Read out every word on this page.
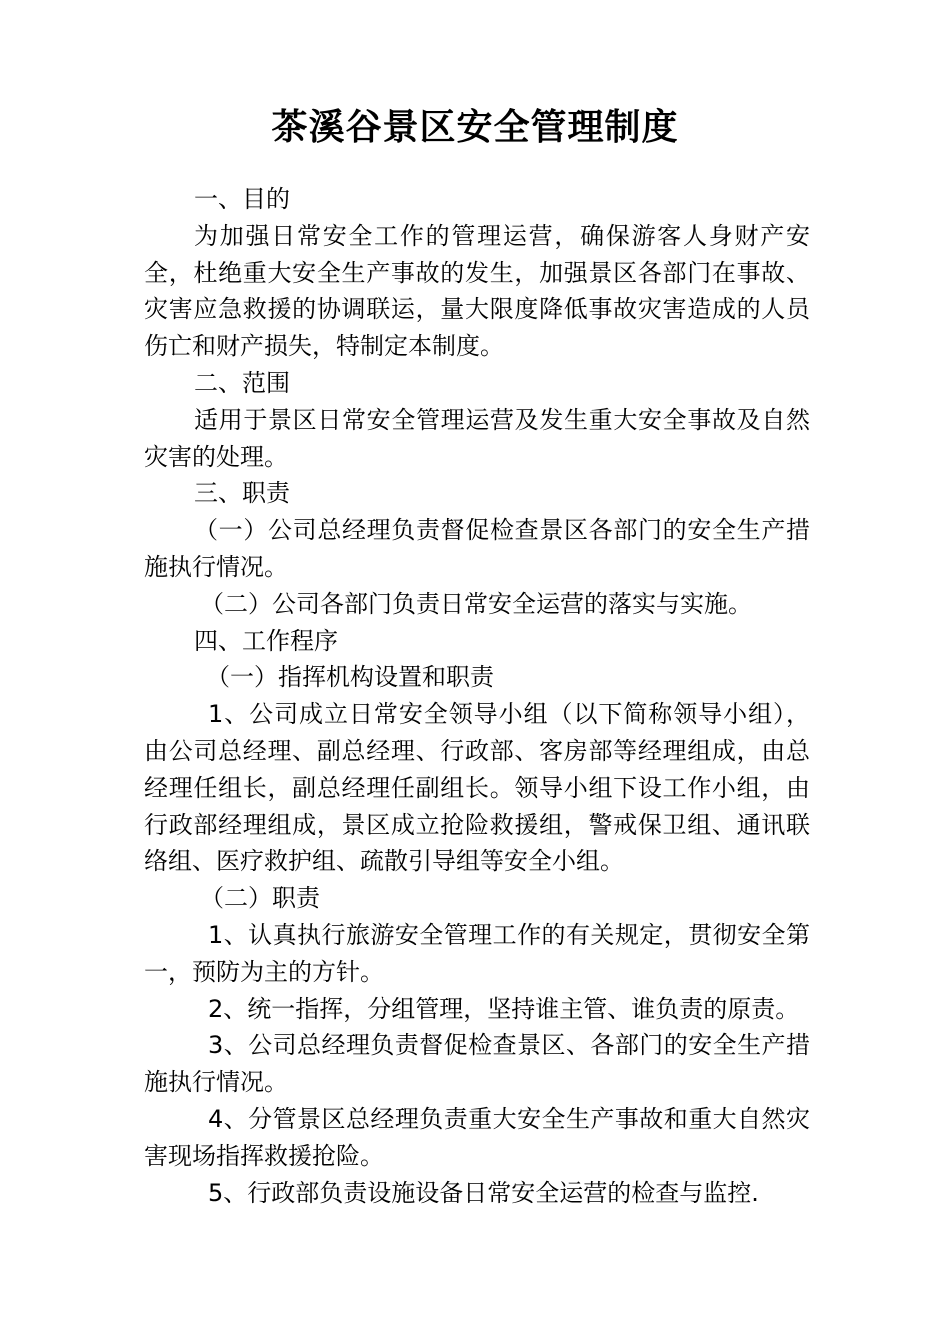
茶溪谷景区安全管理制度

一、目的

为加强日常安全工作的管理运营，确保游客人身财产安全，杜绝重大安全生产事故的发生，加强景区各部门在事故、灾害应急救援的协调联运，量大限度降低事故灾害造成的人员伤亡和财产损失，特制定本制度。

二、范围

适用于景区日常安全管理运营及发生重大安全事故及自然灾害的处理。

三、职责

（一）公司总经理负责督促检查景区各部门的安全生产措施执行情况。

（二）公司各部门负责日常安全运营的落实与实施。

四、工作程序

（一）指挥机构设置和职责

1、公司成立日常安全领导小组（以下简称领导小组），由公司总经理、副总经理、行政部、客房部等经理组成，由总经理任组长，副总经理任副组长。领导小组下设工作小组，由行政部经理组成，景区成立抢险救援组，警戒保卫组、通讯联络组、医疗救护组、疏散引导组等安全小组。

（二）职责

1、认真执行旅游安全管理工作的有关规定，贯彻安全第一，预防为主的方针。

2、统一指挥，分组管理，坚持谁主管、谁负责的原责。

3、公司总经理负责督促检查景区、各部门的安全生产措施执行情况。

4、分管景区总经理负责重大安全生产事故和重大自然灾害现场指挥救援抢险。

5、行政部负责设施设备日常安全运营的检查与监控.
